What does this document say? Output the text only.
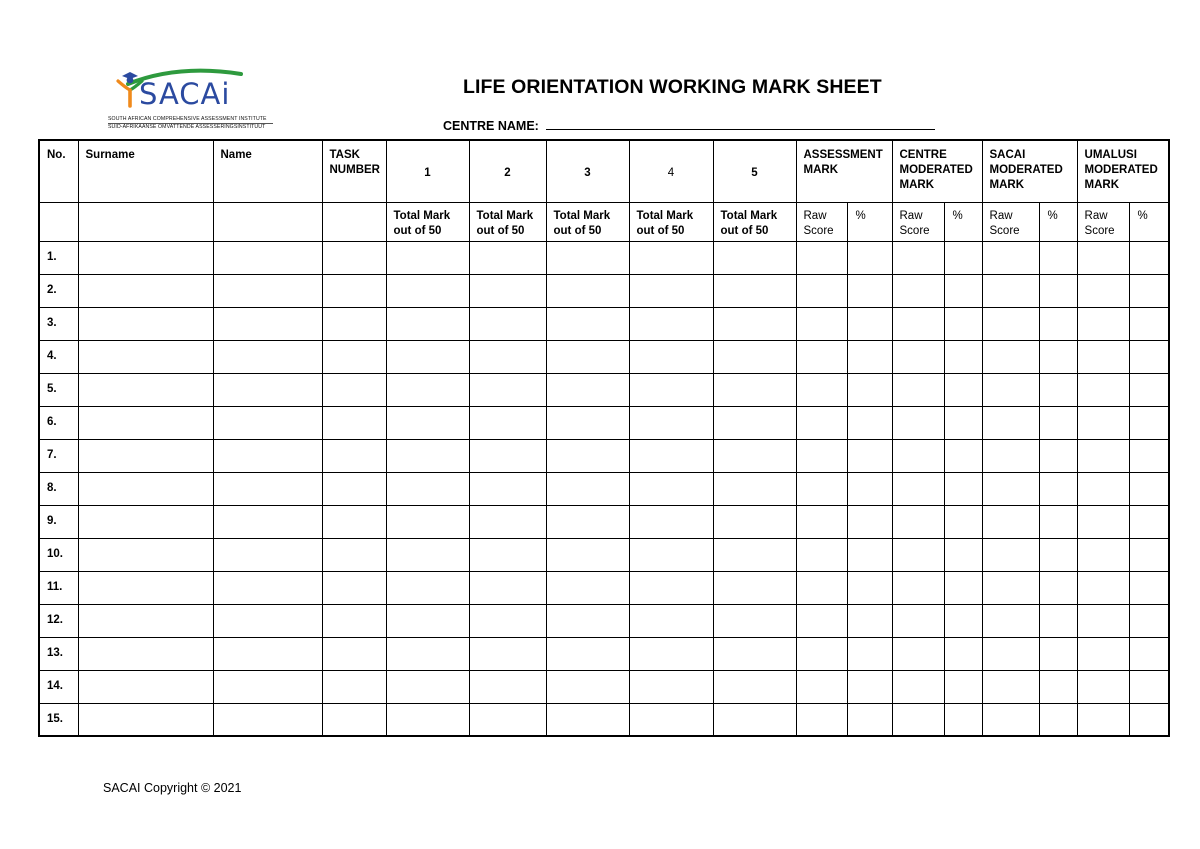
SACAi
SOUTH AFRICAN COMPREHENSIVE ASSESSMENT INSTITUTE
SUID-AFRIKAANSE OMVATTENDE ASSESSERINGSINSTITUUT
LIFE ORIENTATION WORKING MARK SHEET
CENTRE NAME:
No.	Surname	Name	TASK NUMBER	1	2	3	4	5	ASSESSMENT MARK		CENTRE MODERATED MARK		SACAI MODERATED MARK		UMALUSI MODERATED MARK	
				Total Mark out of 50	Total Mark out of 50	Total Mark out of 50	Total Mark out of 50	Total Mark out of 50	Raw Score	%	Raw Score	%	Raw Score	%	Raw Score	%
1.																
2.																
3.																
4.																
5.																
6.																
7.																
8.																
9.																
10.																
11.																
12.																
13.																
14.																
15.																
SACAI Copyright © 2021
